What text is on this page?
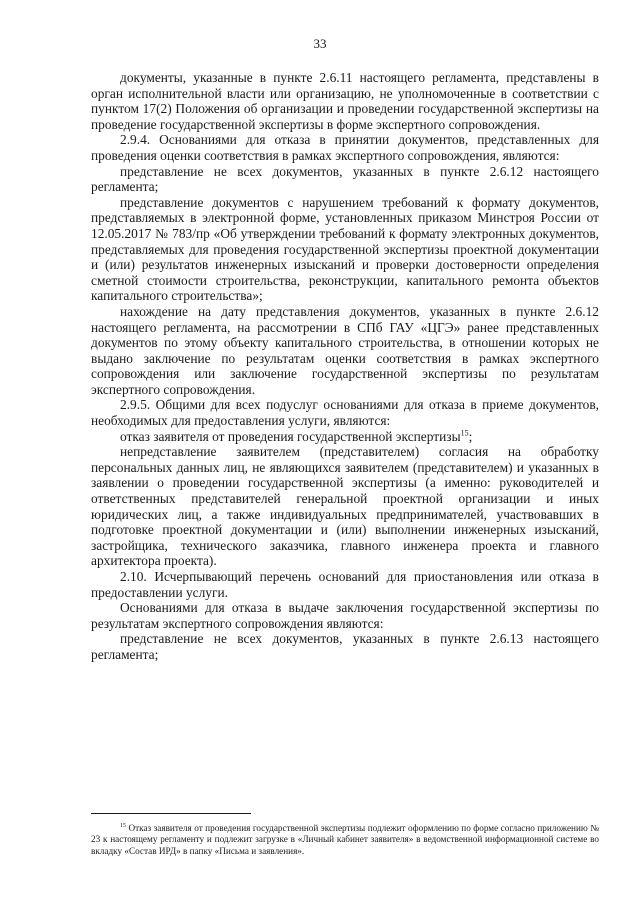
33

документы, указанные в пункте 2.6.11 настоящего регламента, представлены в орган исполнительной власти или организацию, не уполномоченные в соответствии с пунктом 17(2) Положения об организации и проведении государственной экспертизы на проведение государственной экспертизы в форме экспертного сопровождения.

2.9.4. Основаниями для отказа в принятии документов, представленных для проведения оценки соответствия в рамках экспертного сопровождения, являются:

представление не всех документов, указанных в пункте 2.6.12 настоящего регламента;

представление документов с нарушением требований к формату документов, представляемых в электронной форме, установленных приказом Минстроя России от 12.05.2017 № 783/пр «Об утверждении требований к формату электронных документов, представляемых для проведения государственной экспертизы проектной документации и (или) результатов инженерных изысканий и проверки достоверности определения сметной стоимости строительства, реконструкции, капитального ремонта объектов капитального строительства»;

нахождение на дату представления документов, указанных в пункте 2.6.12 настоящего регламента, на рассмотрении в СПб ГАУ «ЦГЭ» ранее представленных документов по этому объекту капитального строительства, в отношении которых не выдано заключение по результатам оценки соответствия в рамках экспертного сопровождения или заключение государственной экспертизы по результатам экспертного сопровождения.

2.9.5. Общими для всех подуслуг основаниями для отказа в приеме документов, необходимых для предоставления услуги, являются:

отказ заявителя от проведения государственной экспертизы$^{15}$;

непредставление заявителем (представителем) согласия на обработку персональных данных лиц, не являющихся заявителем (представителем) и указанных в заявлении о проведении государственной экспертизы (а именно: руководителей и ответственных представителей генеральной проектной организации и иных юридических лиц, а также индивидуальных предпринимателей, участвовавших в подготовке проектной документации и (или) выполнении инженерных изысканий, застройщика, технического заказчика, главного инженера проекта и главного архитектора проекта).

2.10. Исчерпывающий перечень оснований для приостановления или отказа в предоставлении услуги.

Основаниями для отказа в выдаче заключения государственной экспертизы по результатам экспертного сопровождения являются:

представление не всех документов, указанных в пункте 2.6.13 настоящего регламента;

$^{15}$ Отказ заявителя от проведения государственной экспертизы подлежит оформлению по форме согласно приложению № 23 к настоящему регламенту и подлежит загрузке в «Личный кабинет заявителя» в ведомственной информационной системе во вкладку «Состав ИРД» в папку «Письма и заявления».
